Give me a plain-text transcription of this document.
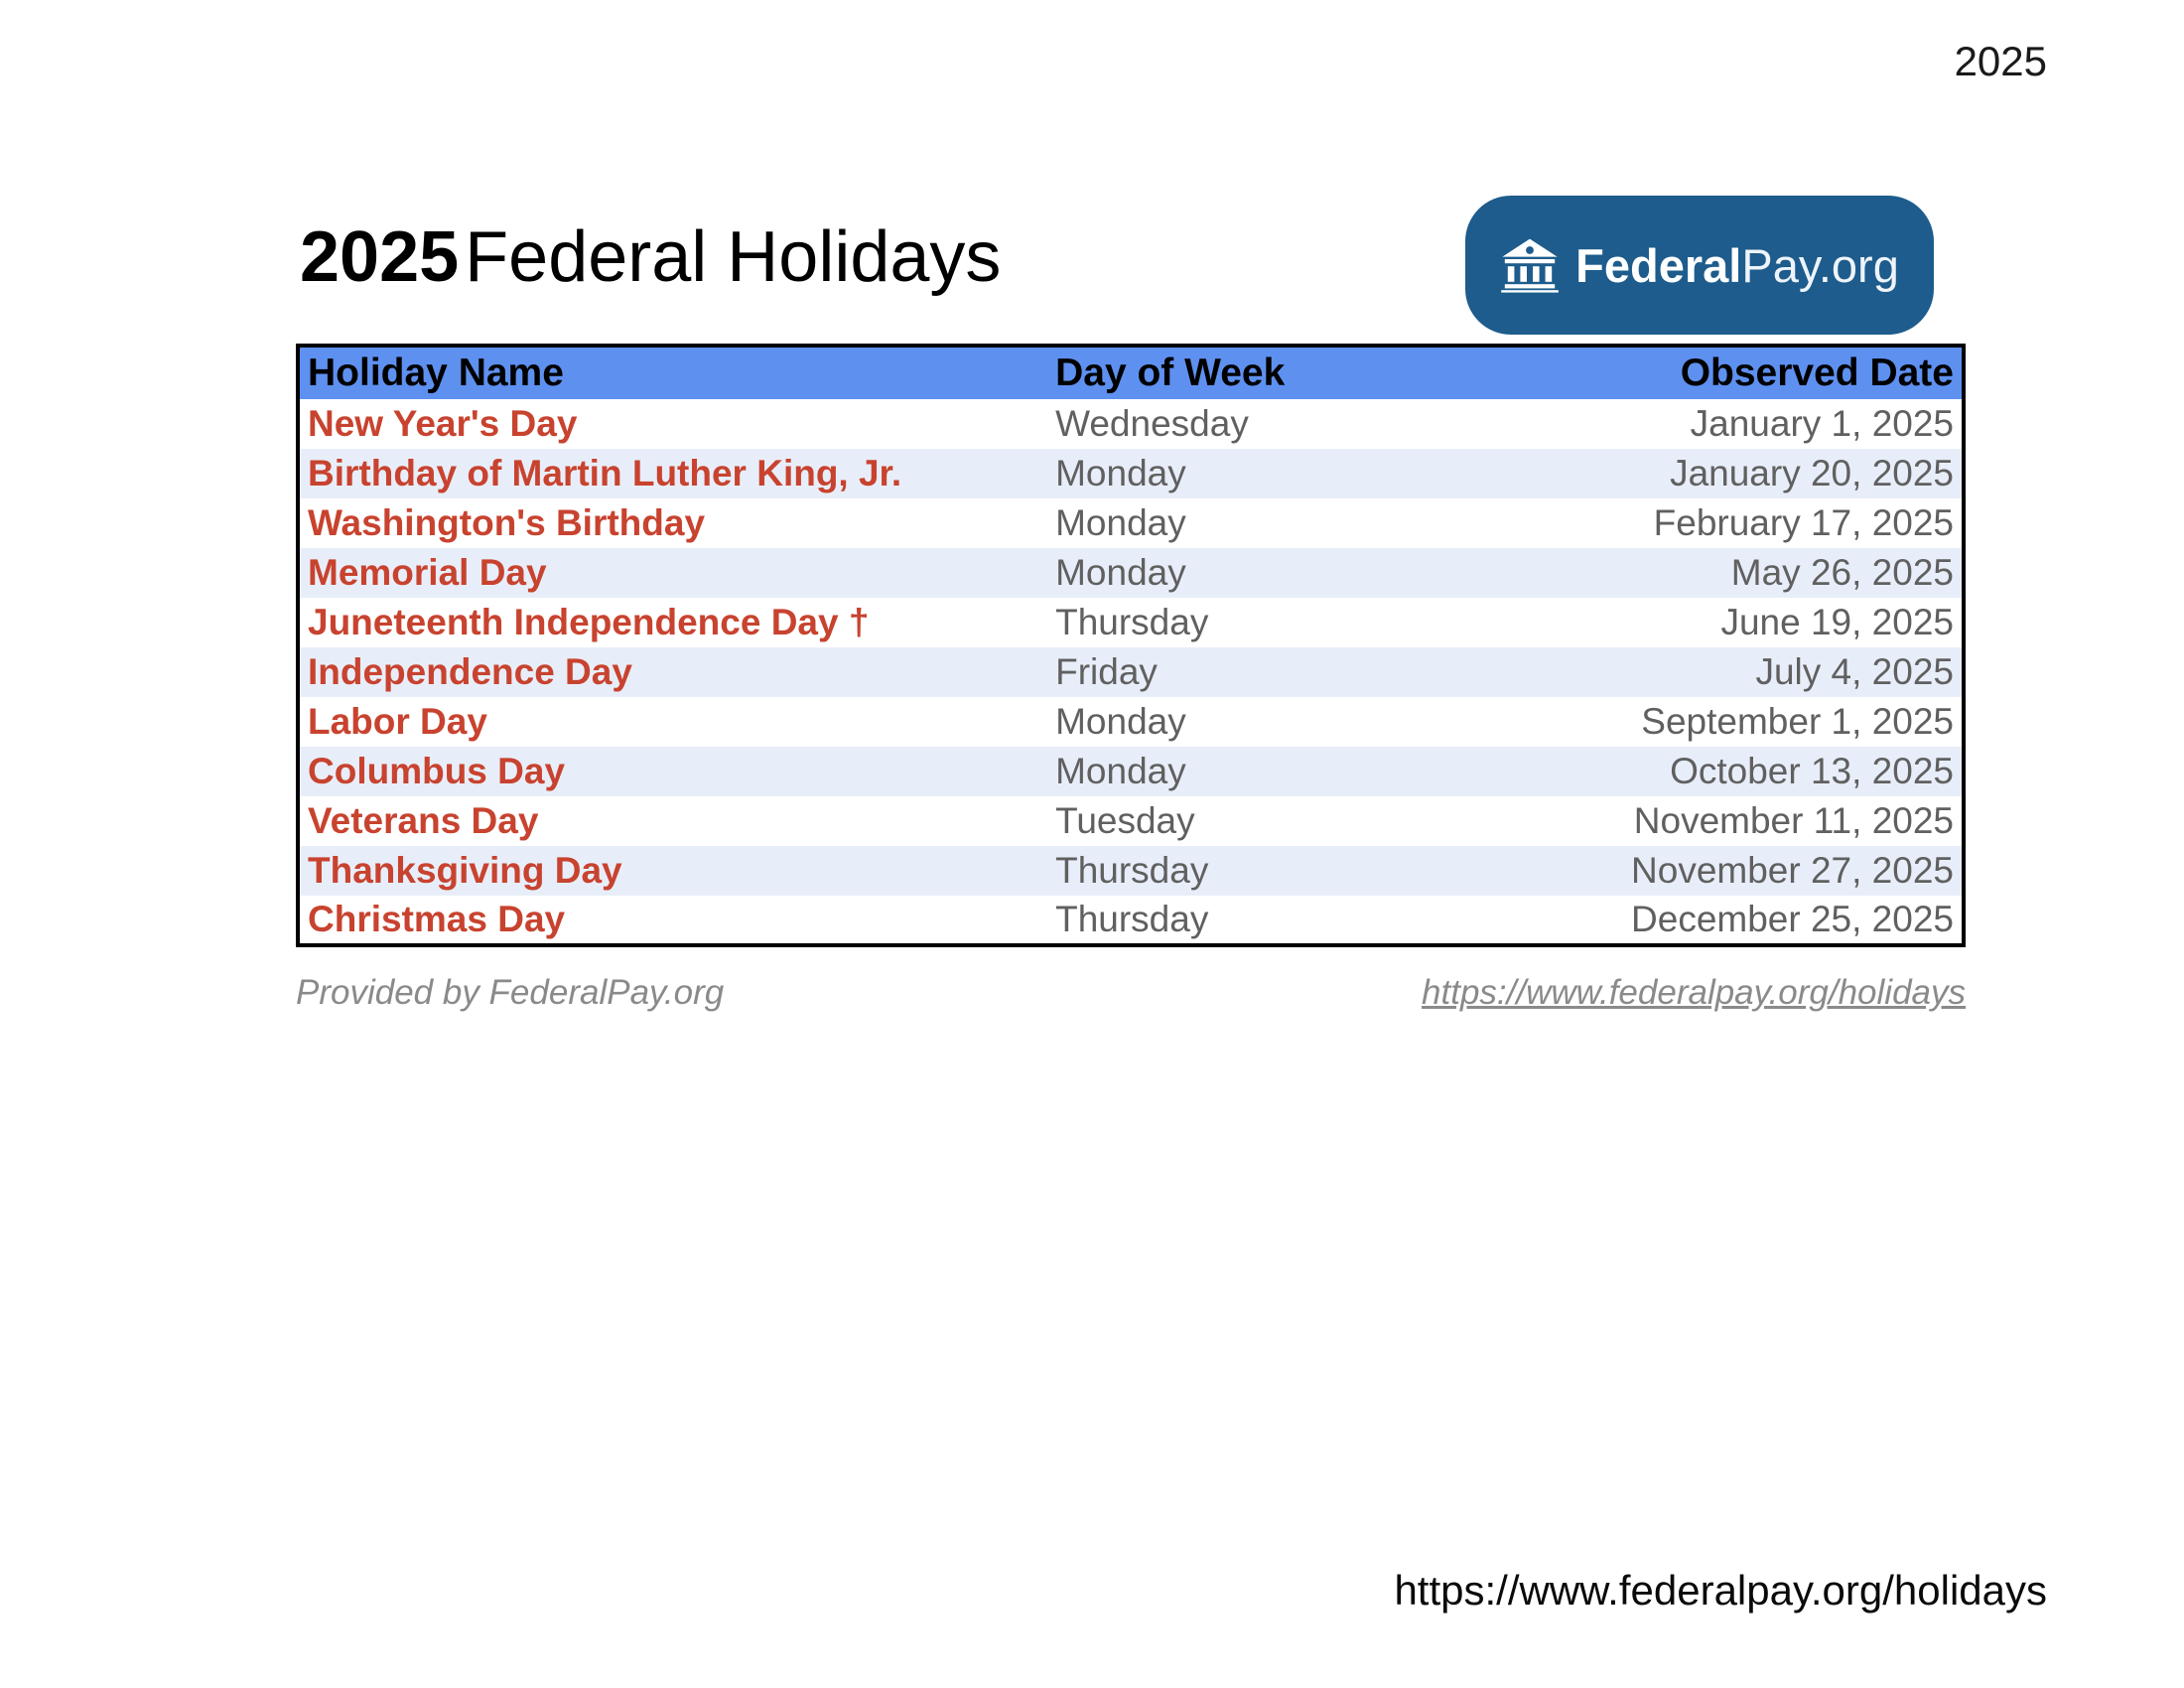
2025
2025Federal Holidays	FederalPay.org
Holiday Name	Day of Week	Observed Date
New Year's Day	Wednesday	January 1, 2025
Birthday of Martin Luther King, Jr.	Monday	January 20, 2025
Washington's Birthday	Monday	February 17, 2025
Memorial Day	Monday	May 26, 2025
Juneteenth Independence Day †	Thursday	June 19, 2025
Independence Day	Friday	July 4, 2025
Labor Day	Monday	September 1, 2025
Columbus Day	Monday	October 13, 2025
Veterans Day	Tuesday	November 11, 2025
Thanksgiving Day	Thursday	November 27, 2025
Christmas Day	Thursday	December 25, 2025
Provided by FederalPay.org	https://www.federalpay.org/holidays
https://www.federalpay.org/holidays
